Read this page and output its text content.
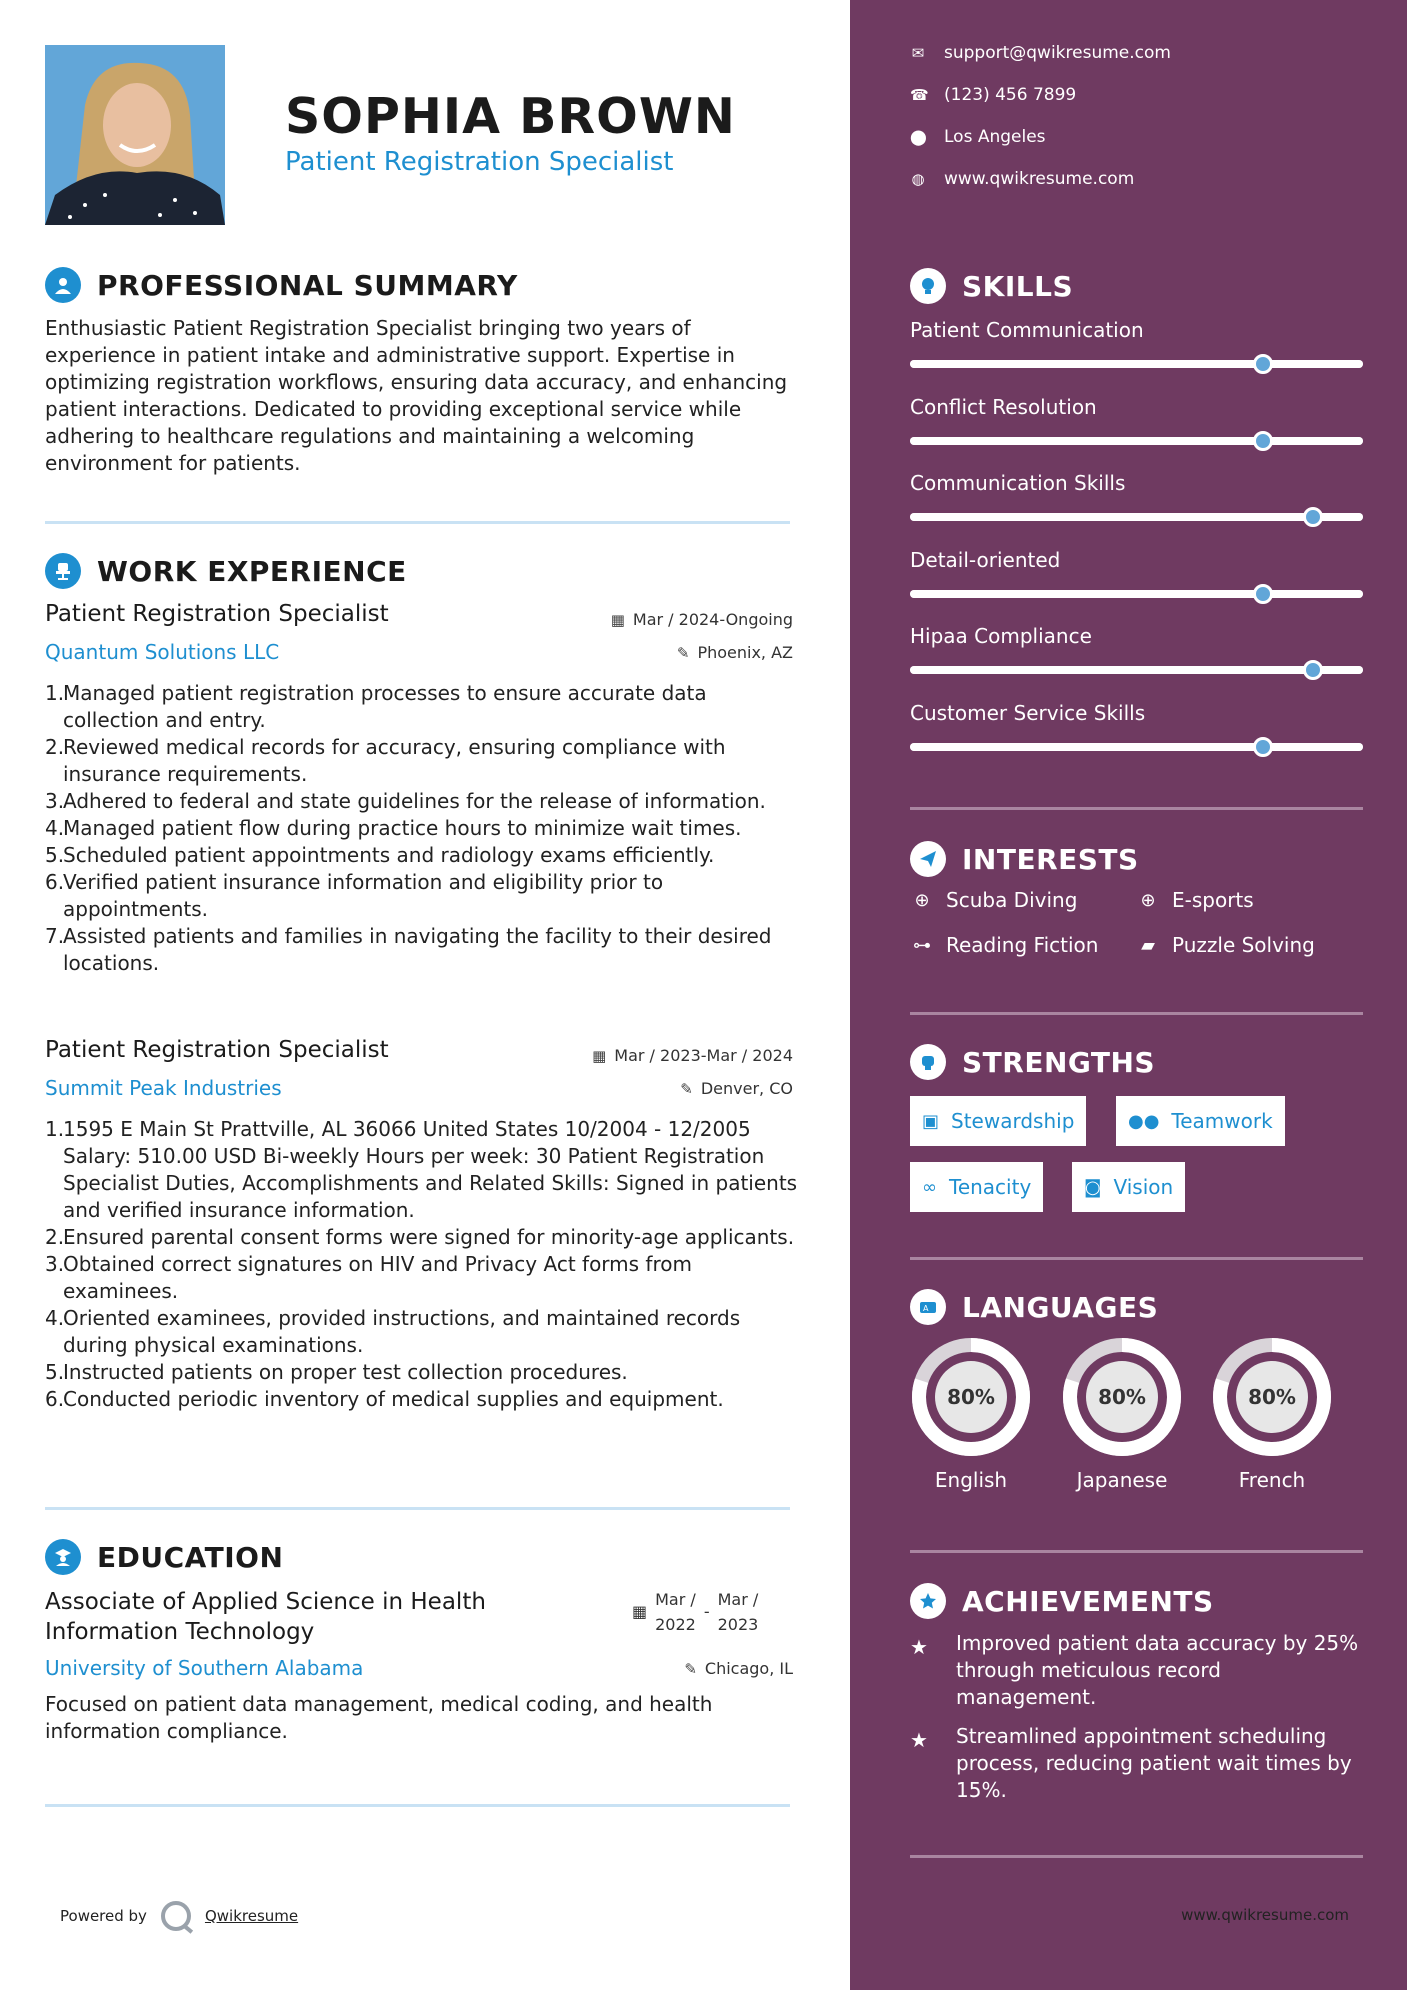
SOPHIA BROWN
Patient Registration Specialist
PROFESSIONAL SUMMARY
Enthusiastic Patient Registration Specialist bringing two years of experience in patient intake and administrative support. Expertise in optimizing registration workflows, ensuring data accuracy, and enhancing patient interactions. Dedicated to providing exceptional service while adhering to healthcare regulations and maintaining a welcoming environment for patients.
WORK EXPERIENCE
Patient Registration Specialist	▦ Mar / 2024-Ongoing
Quantum Solutions LLC	✎ Phoenix, AZ
1.
Managed patient registration processes to ensure accurate data collection and entry.
2.
Reviewed medical records for accuracy, ensuring compliance with insurance requirements.
3.
Adhered to federal and state guidelines for the release of information.
4.
Managed patient flow during practice hours to minimize wait times.
5.
Scheduled patient appointments and radiology exams efficiently.
6.
Verified patient insurance information and eligibility prior to appointments.
7.
Assisted patients and families in navigating the facility to their desired locations.
Patient Registration Specialist	▦ Mar / 2023-Mar / 2024
Summit Peak Industries	✎ Denver, CO
1.
1595 E Main St Prattville, AL 36066 United States 10/2004 - 12/2005 Salary: 510.00 USD Bi-weekly Hours per week: 30 Patient Registration Specialist Duties, Accomplishments and Related Skills: Signed in patients and verified insurance information.
2.
Ensured parental consent forms were signed for minority-age applicants.
3.
Obtained correct signatures on HIV and Privacy Act forms from examinees.
4.
Oriented examinees, provided instructions, and maintained records during physical examinations.
5.
Instructed patients on proper test collection procedures.
6.
Conducted periodic inventory of medical supplies and equipment.
EDUCATION
Associate of Applied Science in Health
Information Technology
▦
Mar /
2022
-
Mar /
2023
University of Southern Alabama	✎ Chicago, IL
Focused on patient data management, medical coding, and health information compliance.
Powered by	Qwikresume
✉ support@qwikresume.com
☎ (123) 456 7899
⬤ Los Angeles
◍ www.qwikresume.com
SKILLS
Patient Communication
Conflict Resolution
Communication Skills
Detail-oriented
Hipaa Compliance
Customer Service Skills
INTERESTS
⊕ Scuba Diving	⊕ E-sports
⊶ Reading Fiction ▰ Puzzle Solving
STRENGTHS
▣ Stewardship	●● Teamwork
∞ Tenacity	◙ Vision
A LANGUAGES
80%
English
80%
Japanese
80%
French
ACHIEVEMENTS
★	Improved patient data accuracy by 25% through meticulous record management.
★	Streamlined appointment scheduling process, reducing patient wait times by 15%.
www.qwikresume.com
